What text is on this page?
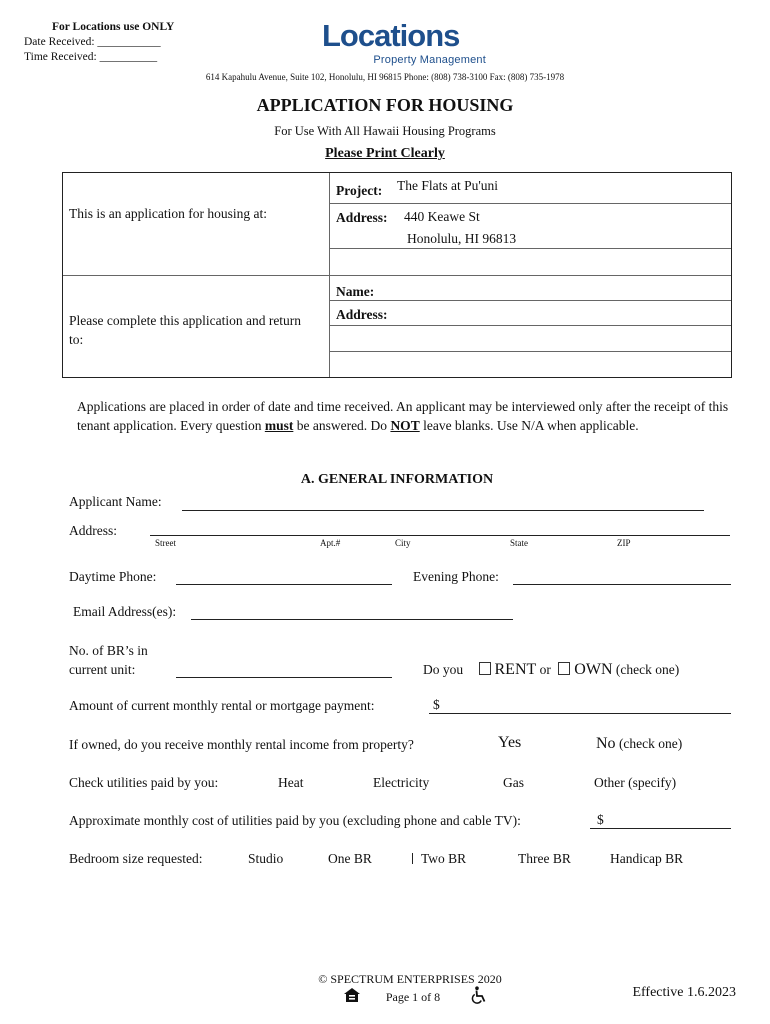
For Locations use ONLY
Date Received: ___________
Time Received: __________
Locations
Property Management
614 Kapahulu Avenue, Suite 102, Honolulu, HI 96815 Phone: (808) 738-3100 Fax: (808) 735-1978
APPLICATION FOR HOUSING
For Use With All Hawaii Housing Programs
Please Print Clearly
This is an application for housing at:
Project: The Flats at Pu'uni
Address: 440 Keawe St
Honolulu, HI 96813
Please complete this application and return to:
Name:
Address:
Applications are placed in order of date and time received. An applicant may be interviewed only after the receipt of this tenant application. Every question must be answered. Do NOT leave blanks. Use N/A when applicable.
A. GENERAL INFORMATION
Applicant Name:
Address:
Street	Apt.#	City	State	ZIP
Daytime Phone:	Evening Phone:
Email Address(es):
No. of BR’s in
current unit:	Do you RENT or OWN (check one)
Amount of current monthly rental or mortgage payment:	$
If owned, do you receive monthly rental income from property?	Yes	No (check one)
Check utilities paid by you:	Heat	Electricity	Gas	Other (specify)
Approximate monthly cost of utilities paid by you (excluding phone and cable TV):	$
Bedroom size requested:	Studio	One BR	Two BR	Three BR	Handicap BR
© SPECTRUM ENTERPRISES 2020
Page 1 of 8	Effective 1.6.2023
